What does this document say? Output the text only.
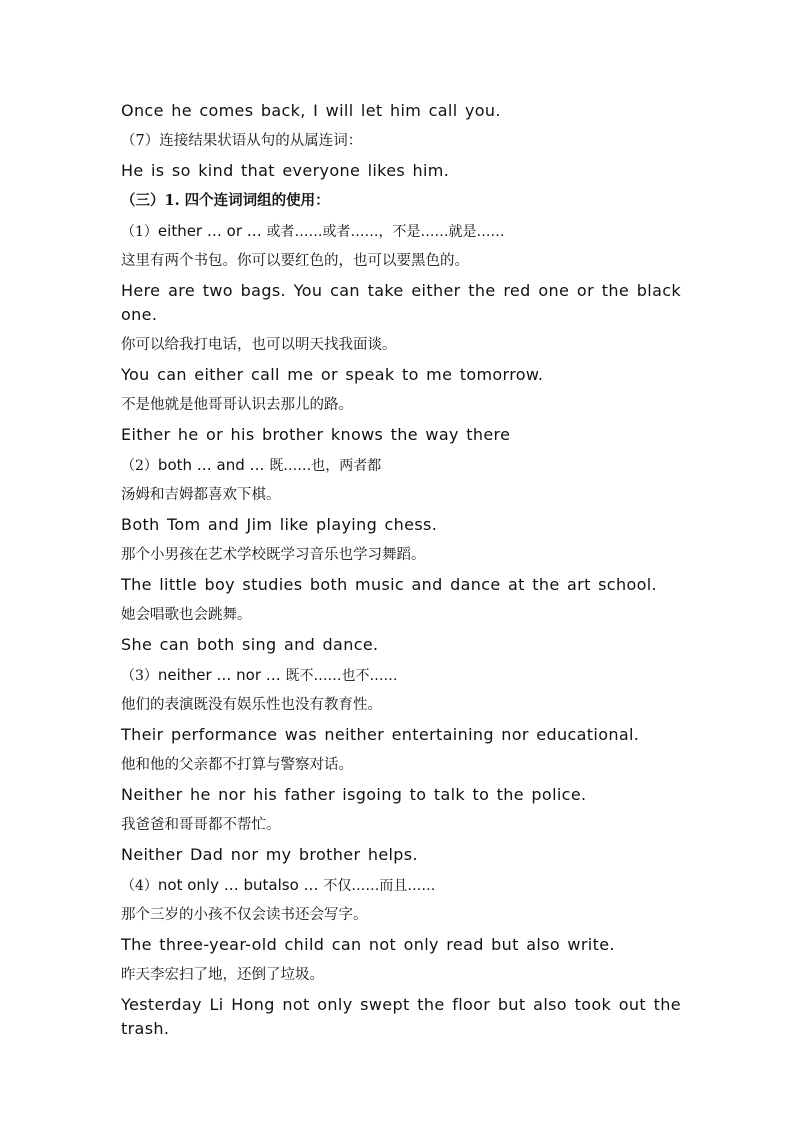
Once he comes back, I will let him call you.

（7）连接结果状语从句的从属连词：

He is so kind that everyone likes him.

（三）1. 四个连词词组的使用：

（1）either … or … 或者……或者……，不是……就是……

这里有两个书包。你可以要红色的，也可以要黑色的。

Here are two bags. You can take either the red one or the black one.

你可以给我打电话，也可以明天找我面谈。

You can either call me or speak to me tomorrow.

不是他就是他哥哥认识去那儿的路。

Either he or his brother knows the way there

（2）both … and … 既……也，两者都

汤姆和吉姆都喜欢下棋。

Both Tom and Jim like playing chess.

那个小男孩在艺术学校既学习音乐也学习舞蹈。

The little boy studies both music and dance at the art school.

她会唱歌也会跳舞。

She can both sing and dance.

（3）neither … nor … 既不……也不……

他们的表演既没有娱乐性也没有教育性。

Their performance was neither entertaining nor educational.

他和他的父亲都不打算与警察对话。

Neither he nor his father isgoing to talk to the police.

我爸爸和哥哥都不帮忙。

Neither Dad nor my brother helps.

（4）not only … butalso … 不仅……而且……

那个三岁的小孩不仅会读书还会写字。

The three-year-old child can not only read but also write.

昨天李宏扫了地，还倒了垃圾。

Yesterday Li Hong not only swept the floor but also took out the trash.
